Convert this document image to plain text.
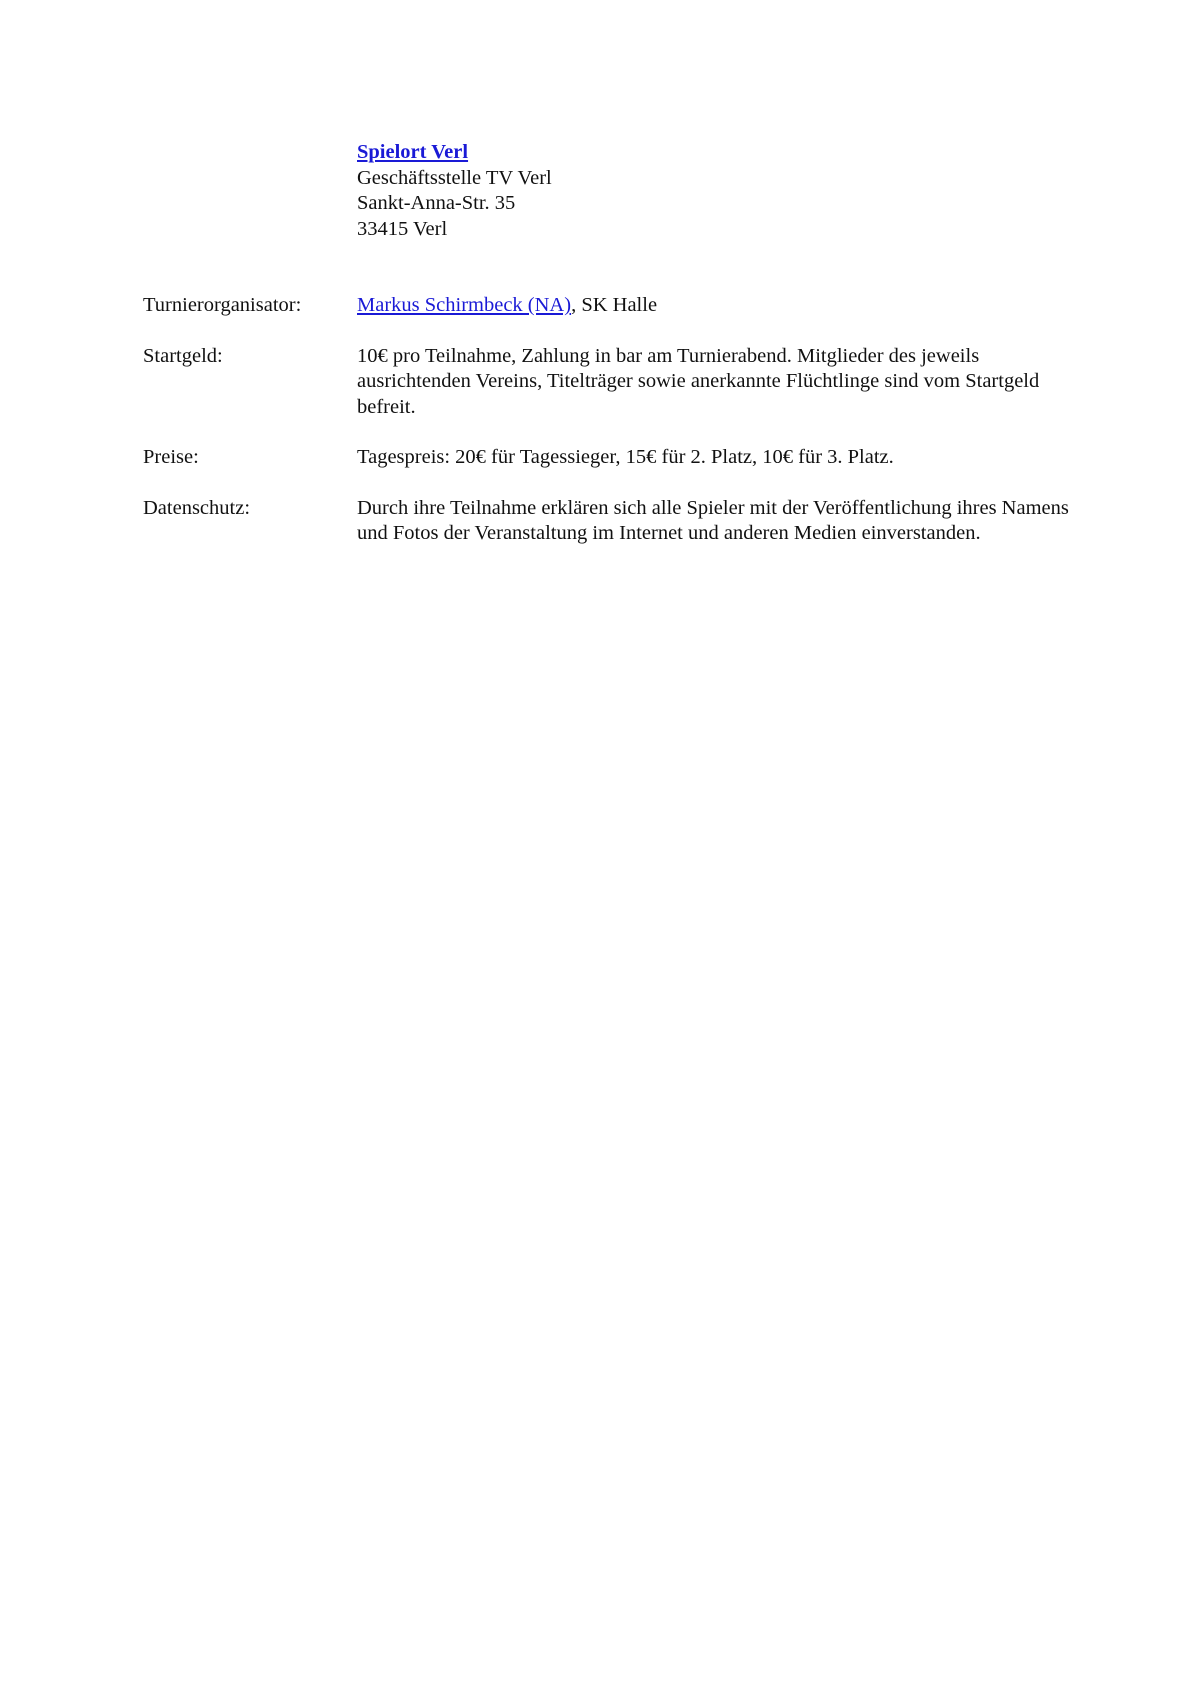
Spielort Verl
Geschäftsstelle TV Verl
Sankt-Anna-Str. 35
33415 Verl
Turnierorganisator:	Markus Schirmbeck (NA), SK Halle
Startgeld:	10€ pro Teilnahme, Zahlung in bar am Turnierabend. Mitglieder des jeweils ausrichtenden Vereins, Titelträger sowie anerkannte Flüchtlinge sind vom Startgeld befreit.
Preise:	Tagespreis: 20€ für Tagessieger, 15€ für 2. Platz, 10€ für 3. Platz.
Datenschutz:	Durch ihre Teilnahme erklären sich alle Spieler mit der Veröffentlichung ihres Namens und Fotos der Veranstaltung im Internet und anderen Medien einverstanden.
